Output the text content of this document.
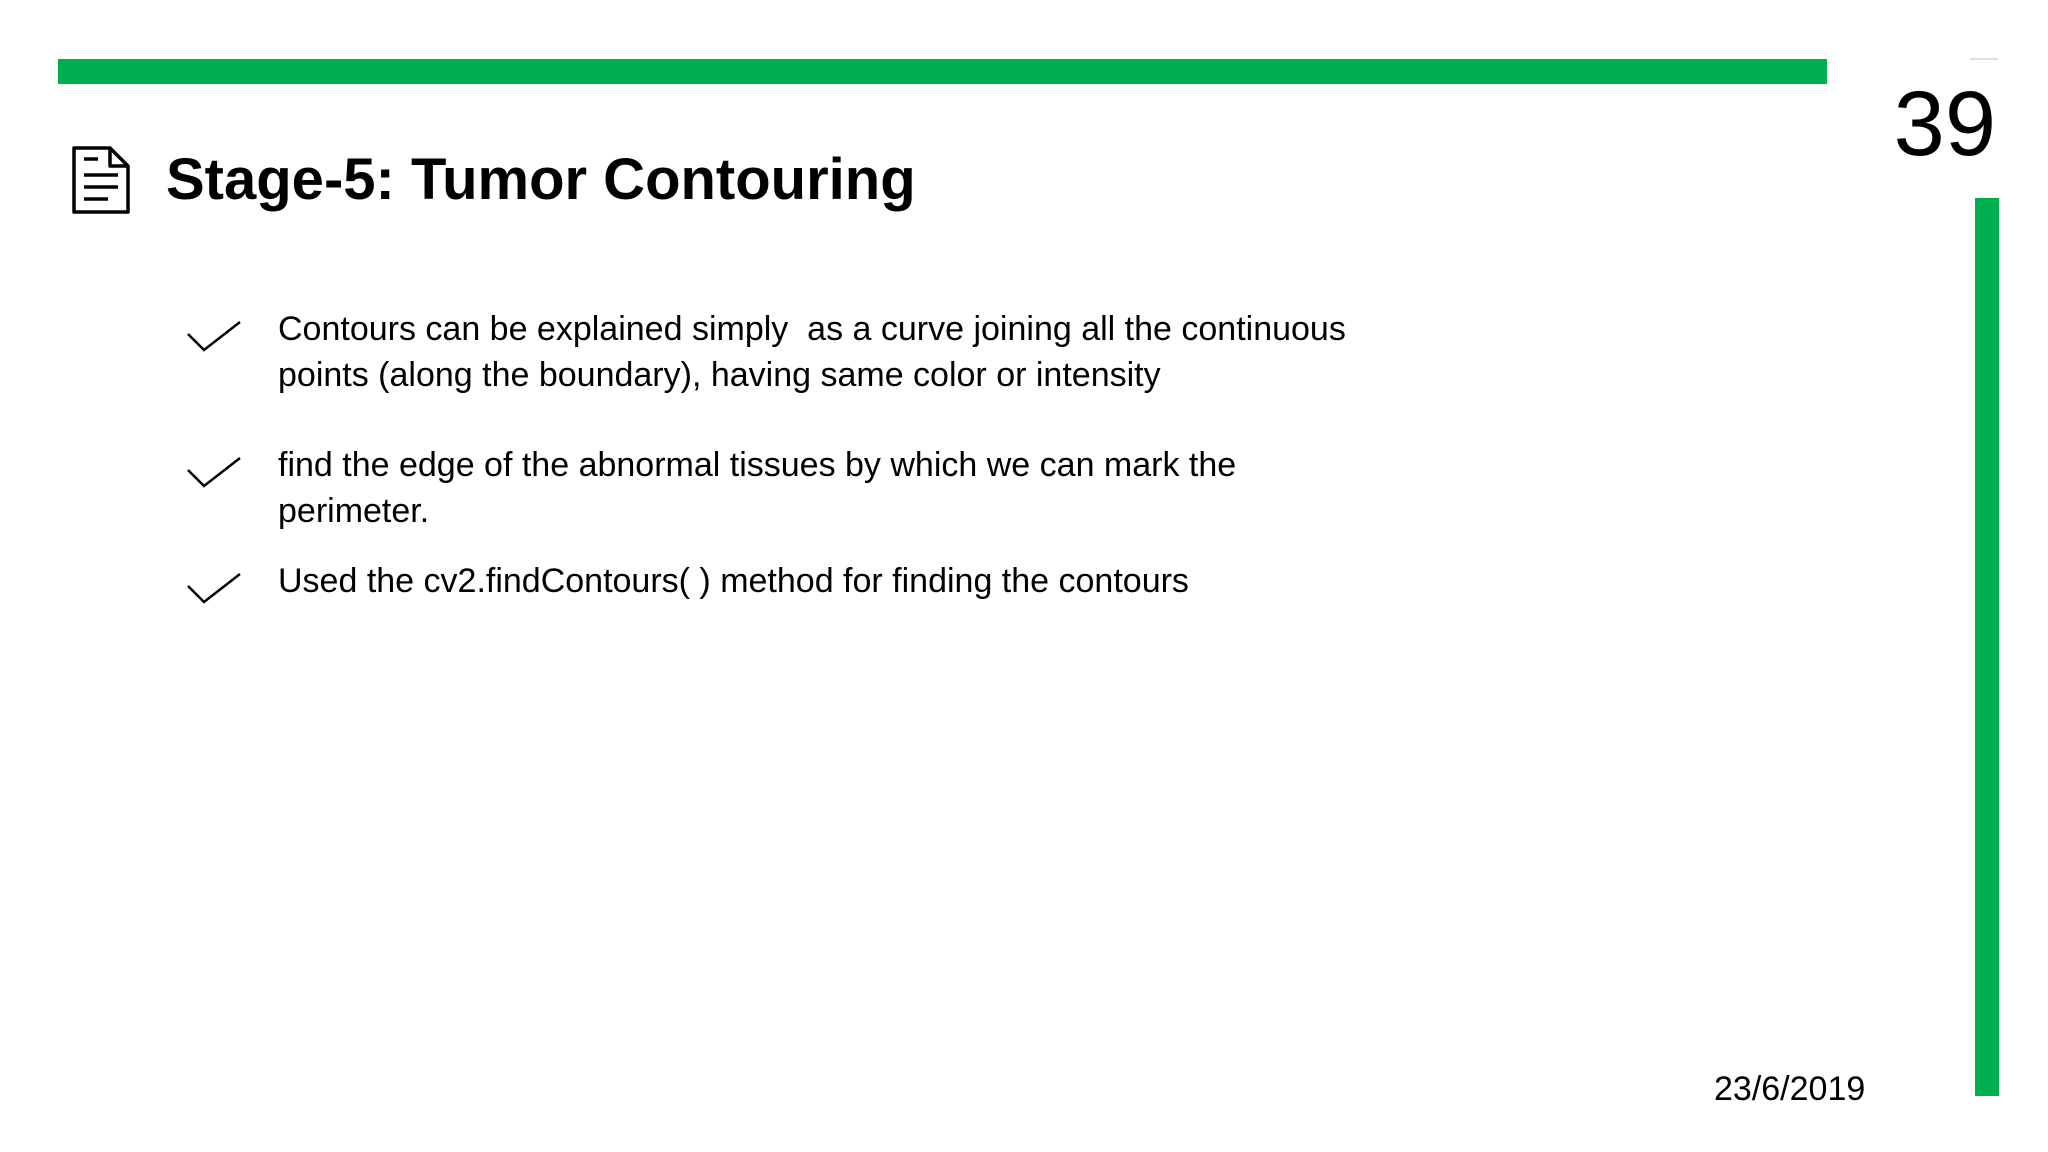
39
Stage-5: Tumor Contouring
Contours can be explained simply  as a curve joining all the continuous
points (along the boundary), having same color or intensity
find the edge of the abnormal tissues by which we can mark the
perimeter.
Used the cv2.findContours( ) method for finding the contours
23/6/2019
